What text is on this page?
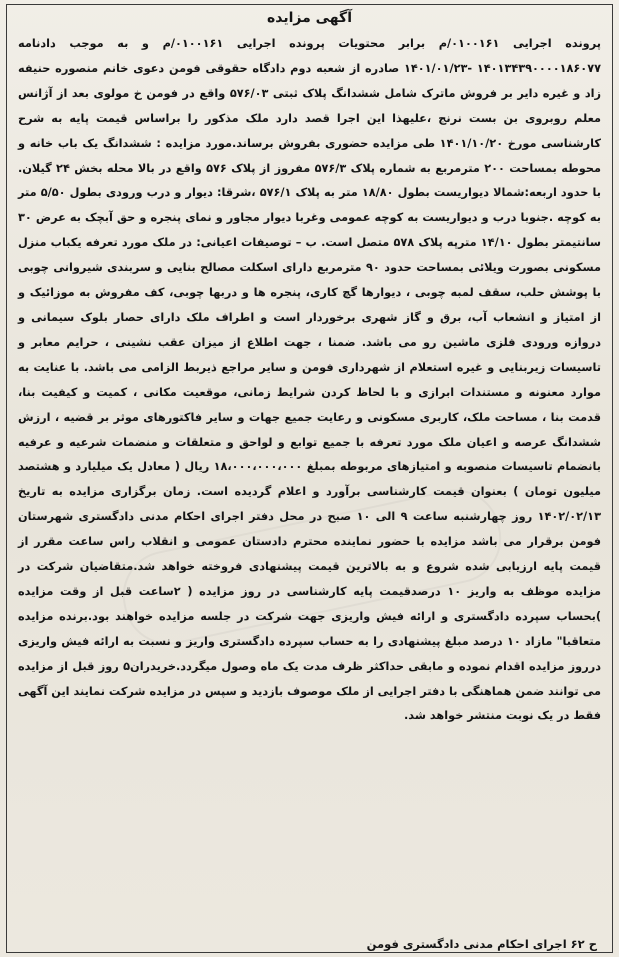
آگهی مزایده

پرونده اجرایی ۰۱۰۰۱۶۱/م برابر محتویات پرونده اجرایی ۰۱۰۰۱۶۱/م و به موجب دادنامه ۱۴۰۱۳۴۳۹۰۰۰۰۱۸۶۰۷۷ -۱۴۰۱/۰۱/۲۳ صادره از شعبه دوم دادگاه حقوقی فومن دعوی خانم منصوره حنیفه زاد و غیره دایر بر فروش ماترک شامل ششدانگ پلاک ثبتی ۵۷۶/۰۳ واقع در فومن خ مولوی بعد از آژانس معلم روبروی بن بست نرنج ،علیهذا این اجرا قصد دارد ملک مذکور را براساس قیمت پایه به شرح کارشناسی مورخ ۱۴۰۱/۱۰/۲۰ طی مزایده حضوری بفروش برساند.مورد مزایده : ششدانگ یک باب خانه و محوطه بمساحت ۲۰۰ مترمربع به شماره پلاک ۵۷۶/۳ مفروز از پلاک ۵۷۶ واقع در بالا محله بخش ۲۴ گیلان. با حدود اربعه:شمالا دیواریست بطول ۱۸/۸۰ متر به پلاک ۵۷۶/۱ ،شرقا: دیوار و درب ورودی بطول ۵/۵۰ متر به کوچه .جنوبا درب و دیواریست به کوچه عمومی وغربا دیوار مجاور و نمای پنجره و حق آبچک به عرض ۳۰ سانتیمتر بطول ۱۴/۱۰ مترپه پلاک ۵۷۸ متصل است. ب – توصیفات اعیانی: در ملک مورد تعرفه یکباب منزل مسکونی بصورت ویلائی بمساحت حدود ۹۰ مترمربع دارای اسکلت مصالح بنایی و سربندی شیروانی چوبی با پوشش حلب، سقف لمبه چوبی ، دیوارها گچ کاری، پنجره ها و دربها چوبی، کف مفروش به موزائیک و از امتیاز و انشعاب آب، برق و گاز شهری برخوردار است و اطراف ملک دارای حصار بلوک سیمانی و دروازه ورودی فلزی ماشین رو می باشد. ضمنا ، جهت اطلاع از میزان عقب نشینی ، حرایم معابر و تاسیسات زیربنایی و غیره استعلام از شهرداری فومن و سایر مراجع ذیربط الزامی می باشد. با عنایت به موارد معنونه و مستندات ابرازی و با لحاظ کردن شرایط زمانی، موقعیت مکانی ، کمیت و کیفیت بنا، قدمت بنا ، مساحت ملک، کاربری مسکونی و رعایت جمیع جهات و سایر فاکتورهای موثر بر قضیه ، ارزش ششدانگ عرصه و اعیان ملک مورد تعرفه با جمیع توابع و لواحق و متعلقات و منضمات شرعیه و عرفیه بانضمام تاسیسات منصوبه و امتیازهای مربوطه بمبلغ ۱۸،۰۰۰،۰۰۰،۰۰۰ ریال ( معادل یک میلیارد و هشتصد میلیون تومان ) بعنوان قیمت کارشناسی برآورد و اعلام گردیده است. زمان برگزاری مزایده به تاریخ ۱۴۰۲/۰۲/۱۳ روز چهارشنبه ساعت ۹ الی ۱۰ صبح در محل دفتر اجرای احکام مدنی دادگستری شهرستان فومن برقرار می باشد مزایده با حضور نماینده محترم دادستان عمومی و انقلاب راس ساعت مقرر از قیمت پایه ارزیابی شده شروع و به بالاترین قیمت پیشنهادی فروخته خواهد شد.متقاضیان شرکت در مزایده موظف به واریز ۱۰ درصدقیمت پایه کارشناسی در روز مزایده ( ۲ساعت قبل از وقت مزایده )بحساب سپرده دادگستری و ارائه فیش واریزی جهت شرکت در جلسه مزایده خواهند بود.برنده مزایده متعاقبا" مازاد ۱۰ درصد مبلغ پیشنهادی را به حساب سپرده دادگستری واریز و نسبت به ارائه فیش واریزی درروز مزایده اقدام نموده و مابقی حداکثر ظرف مدت یک ماه وصول میگردد.خریدران۵ روز قبل از مزایده می توانند ضمن هماهنگی با دفتر اجرایی از ملک موصوف بازدید و سپس در مزایده شرکت نمایند این آگهی فقط در یک نوبت منتشر خواهد شد.

ح ۶۲ اجرای احکام مدنی دادگستری فومن
